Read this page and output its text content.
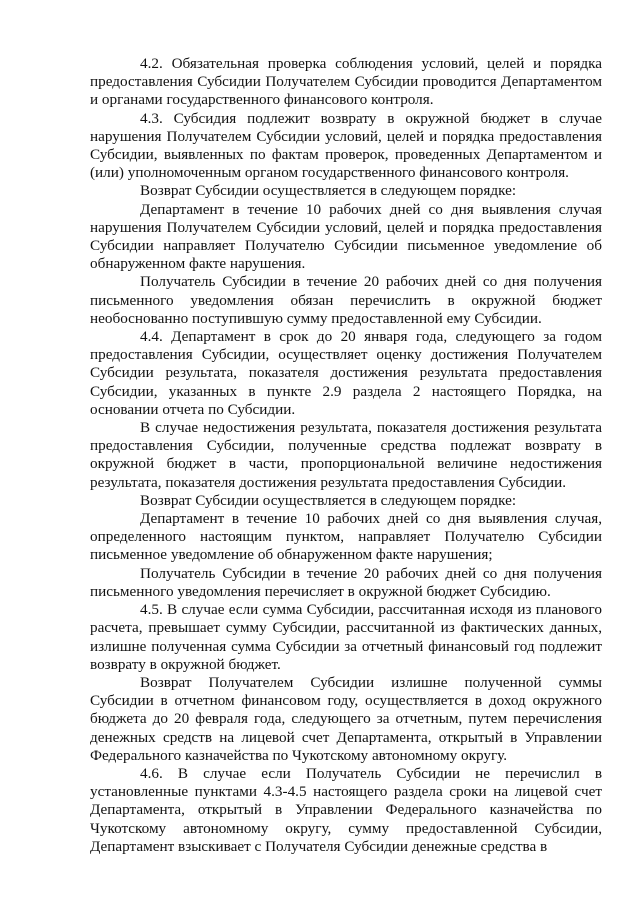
4.2. Обязательная проверка соблюдения условий, целей и порядка предоставления Субсидии Получателем Субсидии проводится Департаментом и органами государственного финансового контроля.

4.3. Субсидия подлежит возврату в окружной бюджет в случае нарушения Получателем Субсидии условий, целей и порядка предоставления Субсидии, выявленных по фактам проверок, проведенных Департаментом и (или) уполномоченным органом государственного финансового контроля.

Возврат Субсидии осуществляется в следующем порядке:

Департамент в течение 10 рабочих дней со дня выявления случая нарушения Получателем Субсидии условий, целей и порядка предоставления Субсидии направляет Получателю Субсидии письменное уведомление об обнаруженном факте нарушения.

Получатель Субсидии в течение 20 рабочих дней со дня получения письменного уведомления обязан перечислить в окружной бюджет необоснованно поступившую сумму предоставленной ему Субсидии.

4.4. Департамент в срок до 20 января года, следующего за годом предоставления Субсидии, осуществляет оценку достижения Получателем Субсидии результата, показателя достижения результата предоставления Субсидии, указанных в пункте 2.9 раздела 2 настоящего Порядка, на основании отчета по Субсидии.

В случае недостижения результата, показателя достижения результата предоставления Субсидии, полученные средства подлежат возврату в окружной бюджет в части, пропорциональной величине недостижения результата, показателя достижения результата предоставления Субсидии.

Возврат Субсидии осуществляется в следующем порядке:

Департамент в течение 10 рабочих дней со дня выявления случая, определенного настоящим пунктом, направляет Получателю Субсидии письменное уведомление об обнаруженном факте нарушения;

Получатель Субсидии в течение 20 рабочих дней со дня получения письменного уведомления перечисляет в окружной бюджет Субсидию.

4.5. В случае если сумма Субсидии, рассчитанная исходя из планового расчета, превышает сумму Субсидии, рассчитанной из фактических данных, излишне полученная сумма Субсидии за отчетный финансовый год подлежит возврату в окружной бюджет.

Возврат Получателем Субсидии излишне полученной суммы Субсидии в отчетном финансовом году, осуществляется в доход окружного бюджета до 20 февраля года, следующего за отчетным, путем перечисления денежных средств на лицевой счет Департамента, открытый в Управлении Федерального казначейства по Чукотскому автономному округу.

4.6. В случае если Получатель Субсидии не перечислил в установленные пунктами 4.3-4.5 настоящего раздела сроки на лицевой счет Департамента, открытый в Управлении Федерального казначейства по Чукотскому автономному округу, сумму предоставленной Субсидии, Департамент взыскивает с Получателя Субсидии денежные средства в
